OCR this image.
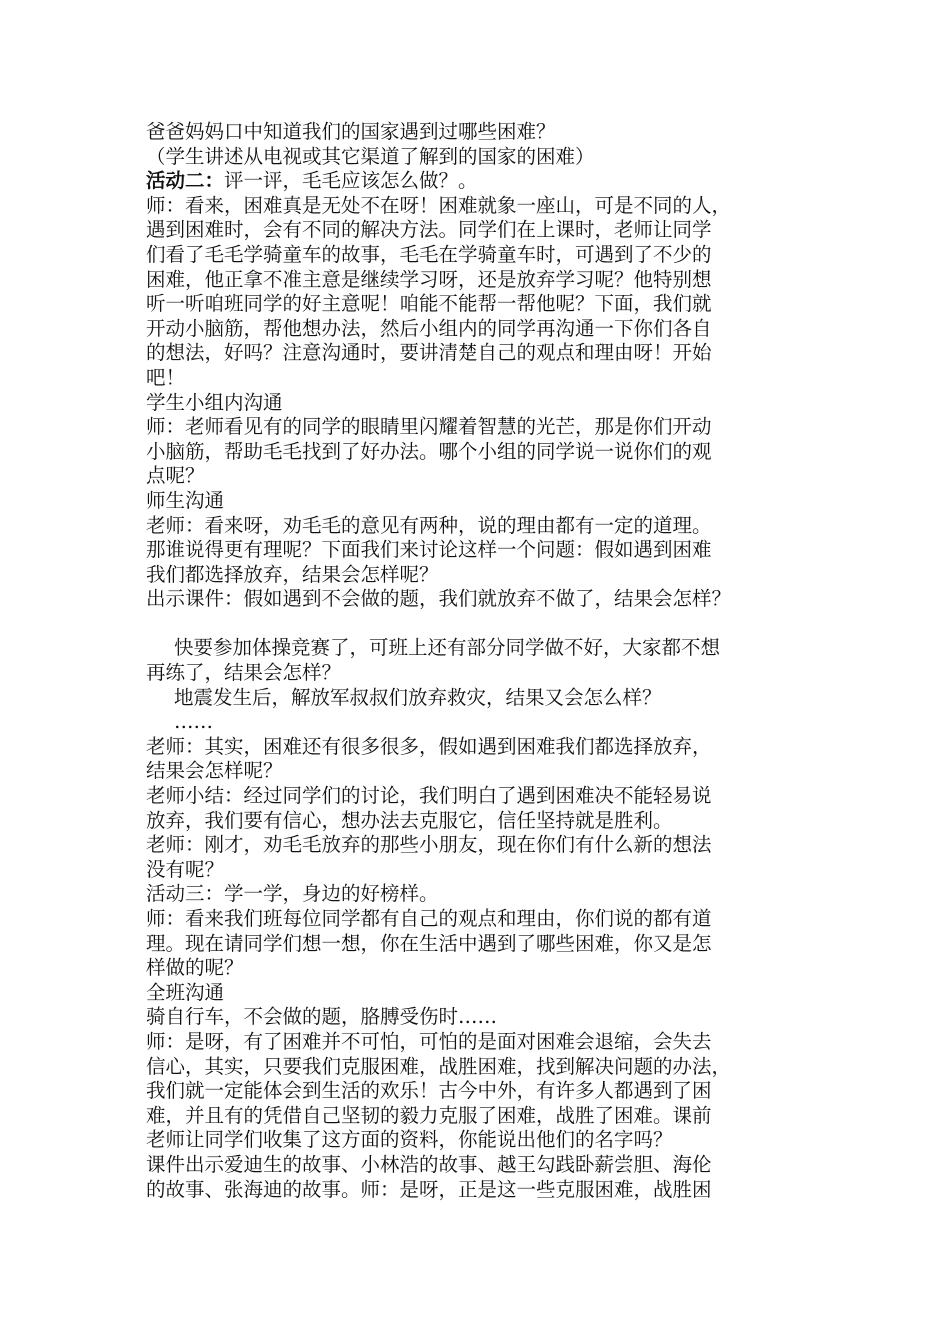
爸爸妈妈口中知道我们的国家遇到过哪些困难？
（学生讲述从电视或其它渠道了解到的国家的困难）
活动二：评一评，毛毛应该怎么做？。
师：看来，困难真是无处不在呀！困难就象一座山，可是不同的人，
遇到困难时，会有不同的解决方法。同学们在上课时，老师让同学
们看了毛毛学骑童车的故事，毛毛在学骑童车时，可遇到了不少的
困难，他正拿不准主意是继续学习呀，还是放弃学习呢？他特别想
听一听咱班同学的好主意呢！咱能不能帮一帮他呢？下面，我们就
开动小脑筋，帮他想办法，然后小组内的同学再沟通一下你们各自
的想法，好吗？注意沟通时，要讲清楚自己的观点和理由呀！开始
吧！
学生小组内沟通
师：老师看见有的同学的眼睛里闪耀着智慧的光芒，那是你们开动
小脑筋，帮助毛毛找到了好办法。哪个小组的同学说一说你们的观
点呢？
师生沟通
老师：看来呀，劝毛毛的意见有两种，说的理由都有一定的道理。
那谁说得更有理呢？下面我们来讨论这样一个问题：假如遇到困难
我们都选择放弃，结果会怎样呢？
出示课件：假如遇到不会做的题，我们就放弃不做了，结果会怎样？
快要参加体操竞赛了，可班上还有部分同学做不好，大家都不想
再练了，结果会怎样？
地震发生后，解放军叔叔们放弃救灾，结果又会怎么样？
……
老师：其实，困难还有很多很多，假如遇到困难我们都选择放弃，
结果会怎样呢？
老师小结：经过同学们的讨论，我们明白了遇到困难决不能轻易说
放弃，我们要有信心，想办法去克服它，信任坚持就是胜利。
老师：刚才，劝毛毛放弃的那些小朋友，现在你们有什么新的想法
没有呢？
活动三：学一学，身边的好榜样。
师：看来我们班每位同学都有自己的观点和理由，你们说的都有道
理。现在请同学们想一想，你在生活中遇到了哪些困难，你又是怎
样做的呢？
全班沟通
骑自行车，不会做的题，胳膊受伤时……
师：是呀，有了困难并不可怕，可怕的是面对困难会退缩，会失去
信心，其实，只要我们克服困难，战胜困难，找到解决问题的办法，
我们就一定能体会到生活的欢乐！古今中外，有许多人都遇到了困
难，并且有的凭借自己坚韧的毅力克服了困难，战胜了困难。课前
老师让同学们收集了这方面的资料，你能说出他们的名字吗？
课件出示爱迪生的故事、小林浩的故事、越王勾践卧薪尝胆、海伦
的故事、张海迪的故事。师：是呀，正是这一些克服困难，战胜困
